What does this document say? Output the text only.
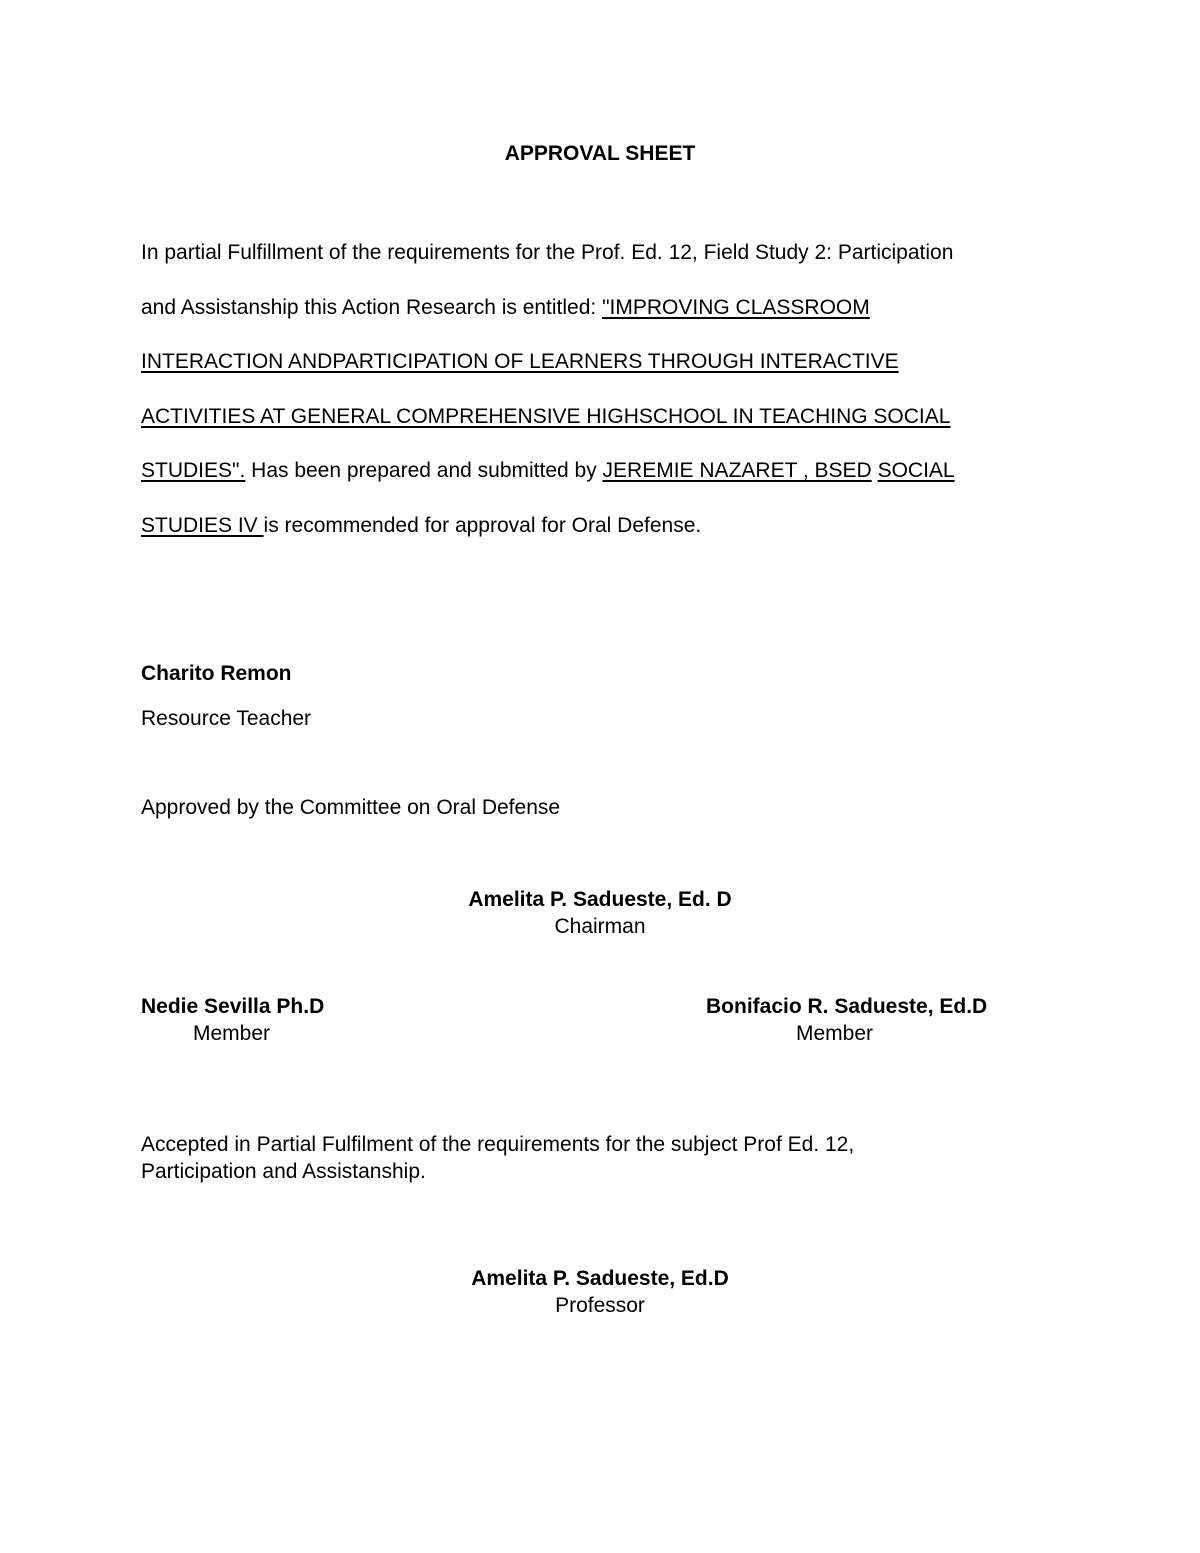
APPROVAL SHEET
In partial Fulfillment of the requirements for the Prof. Ed. 12, Field Study 2: Participation
and Assistanship this Action Research is entitled: "IMPROVING CLASSROOM
INTERACTION ANDPARTICIPATION OF LEARNERS THROUGH INTERACTIVE
ACTIVITIES AT GENERAL COMPREHENSIVE HIGHSCHOOL IN TEACHING SOCIAL
STUDIES". Has been prepared and submitted by JEREMIE NAZARET , BSED SOCIAL
STUDIES IV is recommended for approval for Oral Defense.
Charito Remon
Resource Teacher
Approved by the Committee on Oral Defense
Amelita P. Sadueste, Ed. D
Chairman
Nedie Sevilla Ph.D
Member
Bonifacio R. Sadueste, Ed.D
Member
Accepted in Partial Fulfilment of the requirements for the subject Prof Ed. 12,
Participation and Assistanship.
Amelita P. Sadueste, Ed.D
Professor
